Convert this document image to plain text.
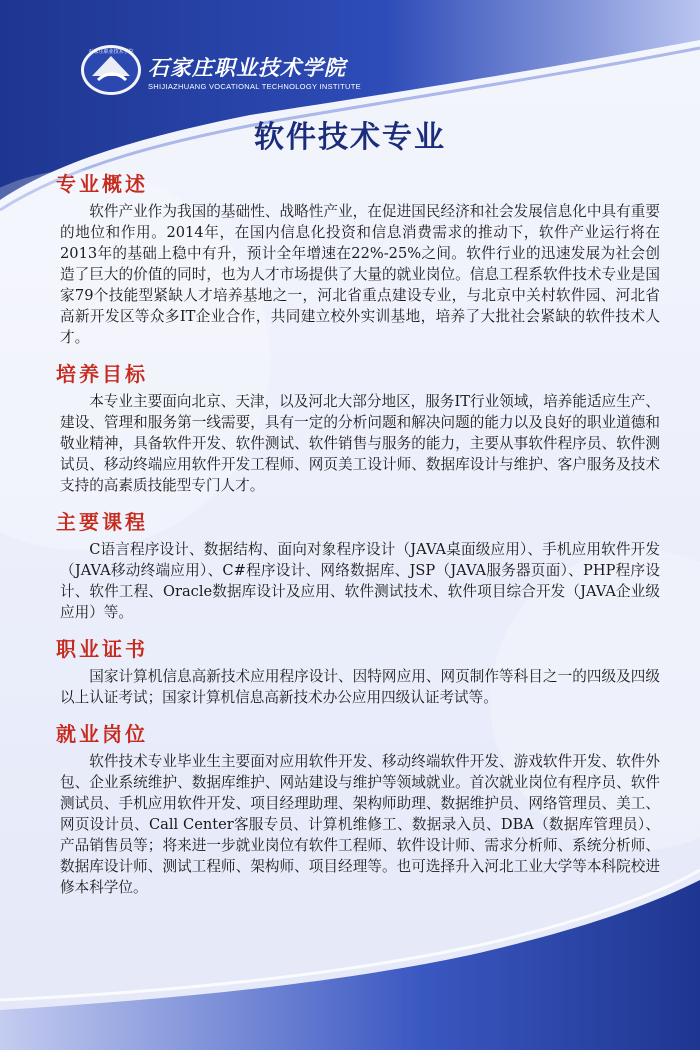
石家庄职业技术学院
石家庄职业技术学院
SHIJIAZHUANG VOCATIONAL TECHNOLOGY INSTITUTE
软件技术专业
专业概述

软件产业作为我国的基础性、战略性产业，在促进国民经济和社会发展信息化中具有重要的地位和作用。2014年，在国内信息化投资和信息消费需求的推动下，软件产业运行将在2013年的基础上稳中有升，预计全年增速在22%-25%之间。软件行业的迅速发展为社会创造了巨大的价值的同时，也为人才市场提供了大量的就业岗位。信息工程系软件技术专业是国家79个技能型紧缺人才培养基地之一，河北省重点建设专业，与北京中关村软件园、河北省高新开发区等众多IT企业合作，共同建立校外实训基地，培养了大批社会紧缺的软件技术人才。

培养目标

本专业主要面向北京、天津，以及河北大部分地区，服务IT行业领域，培养能适应生产、建设、管理和服务第一线需要，具有一定的分析问题和解决问题的能力以及良好的职业道德和敬业精神，具备软件开发、软件测试、软件销售与服务的能力，主要从事软件程序员、软件测试员、移动终端应用软件开发工程师、网页美工设计师、数据库设计与维护、客户服务及技术支持的高素质技能型专门人才。

主要课程

C语言程序设计、数据结构、面向对象程序设计（JAVA桌面级应用）、手机应用软件开发（JAVA移动终端应用）、C#程序设计、网络数据库、JSP（JAVA服务器页面）、PHP程序设计、软件工程、Oracle数据库设计及应用、软件测试技术、软件项目综合开发（JAVA企业级应用）等。

职业证书

国家计算机信息高新技术应用程序设计、因特网应用、网页制作等科目之一的四级及四级以上认证考试；国家计算机信息高新技术办公应用四级认证考试等。

就业岗位

软件技术专业毕业生主要面对应用软件开发、移动终端软件开发、游戏软件开发、软件外包、企业系统维护、数据库维护、网站建设与维护等领域就业。首次就业岗位有程序员、软件测试员、手机应用软件开发、项目经理助理、架构师助理、数据维护员、网络管理员、美工、网页设计员、Call Center客服专员、计算机维修工、数据录入员、DBA（数据库管理员）、产品销售员等；将来进一步就业岗位有软件工程师、软件设计师、需求分析师、系统分析师、数据库设计师、测试工程师、架构师、项目经理等。也可选择升入河北工业大学等本科院校进修本科学位。
